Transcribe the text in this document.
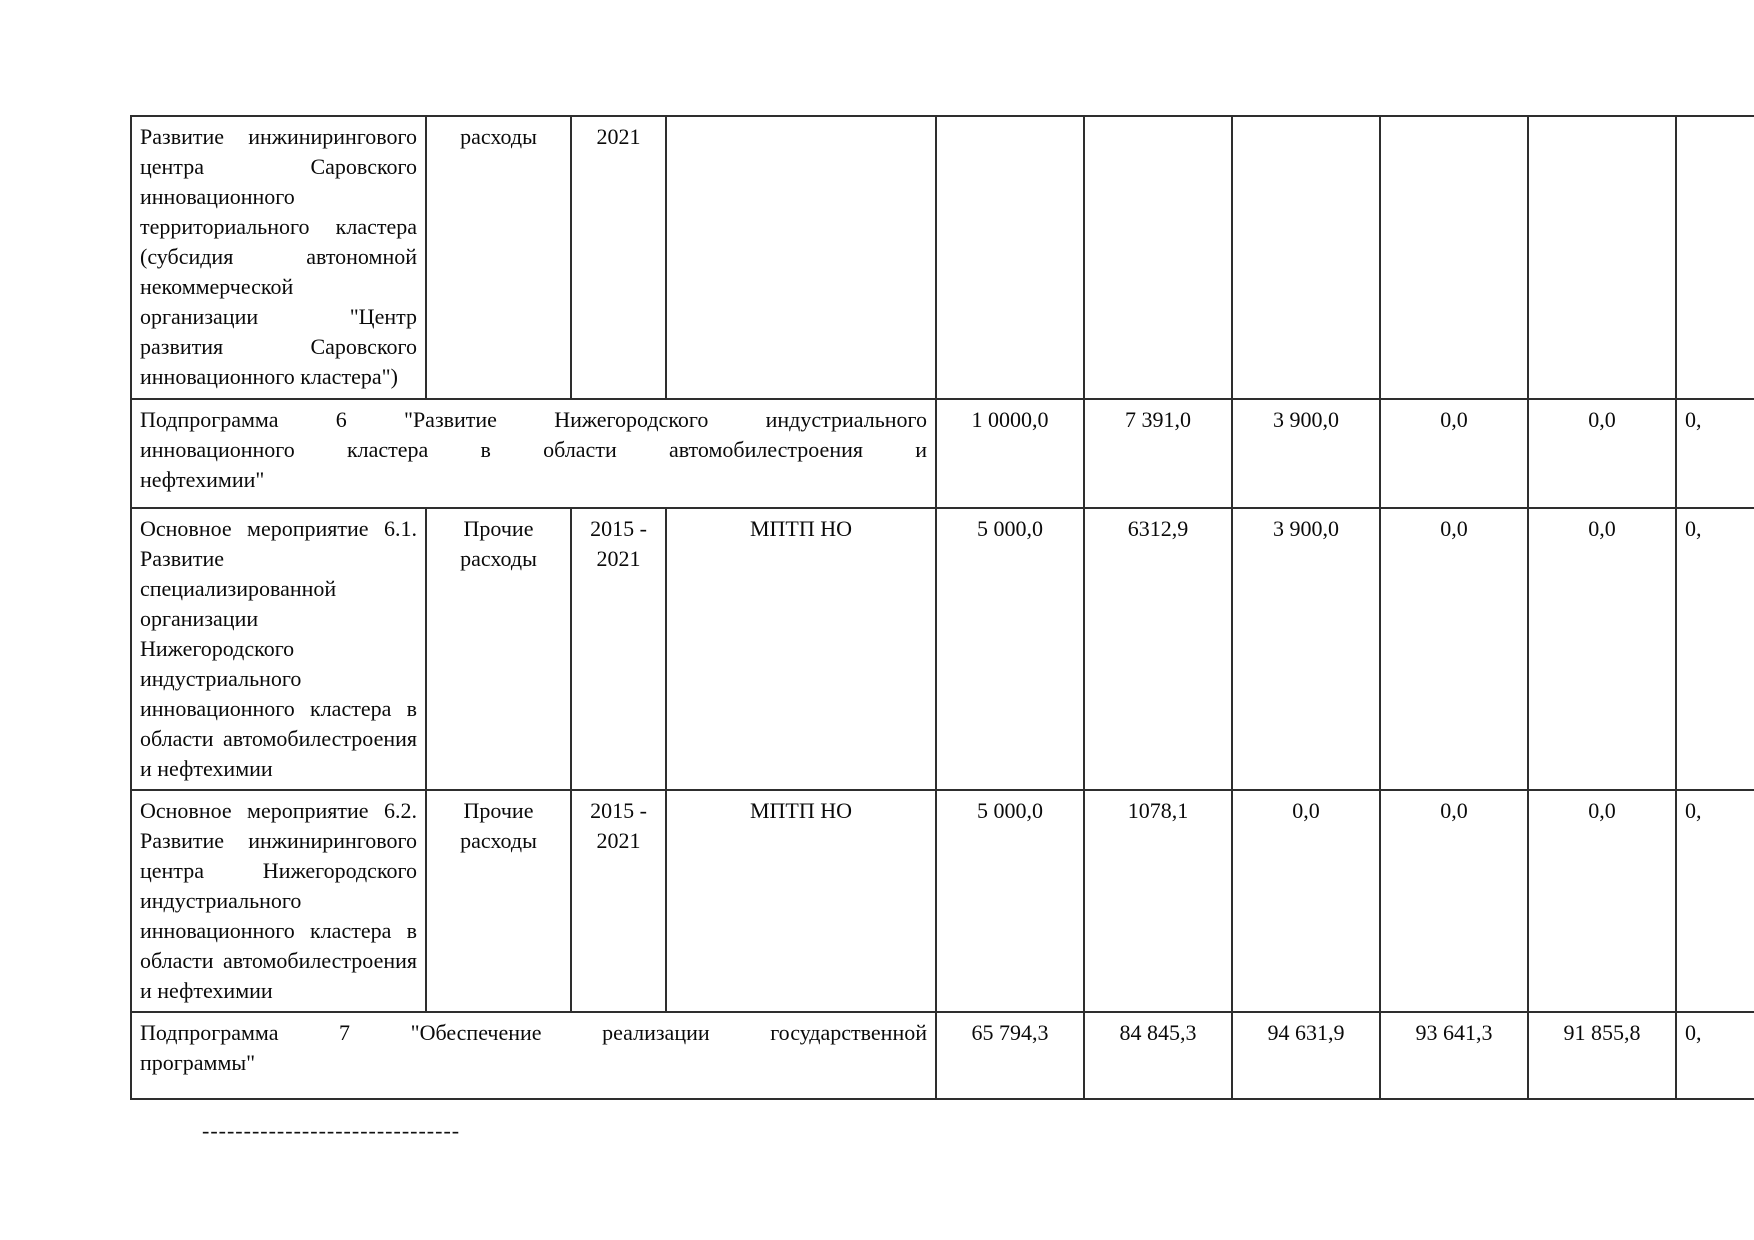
Развитие инжинирингового
центра Саровского
инновационного
территориального кластера
(субсидия автономной
некоммерческой
организации "Центр
развития Саровского
инновационного кластера")
	расходы	2021							

Подпрограмма 6 "Развитие Нижегородского индустриального
инновационного кластера в области автомобилестроения и
нефтехимии"				1 0000,0	7 391,0	3 900,0	0,0	0,0	0,

Основное мероприятие 6.1.
Развитие
специализированной
организации
Нижегородского
индустриального
инновационного кластера в
области автомобилестроения
и нефтехимии
	Прочие расходы	2015 - 2021	МПТП НО	5 000,0	6312,9	3 900,0	0,0	0,0	0,

Основное мероприятие 6.2.
Развитие инжинирингового
центра Нижегородского
индустриального
инновационного кластера в
области автомобилестроения
и нефтехимии
	Прочие расходы	2015 - 2021	МПТП НО	5 000,0	1078,1	0,0	0,0	0,0	0,

Подпрограмма 7 "Обеспечение реализации государственной
программы"				65 794,3	84 845,3	94 631,9	93 641,3	91 855,8	0,
-------------------------------
